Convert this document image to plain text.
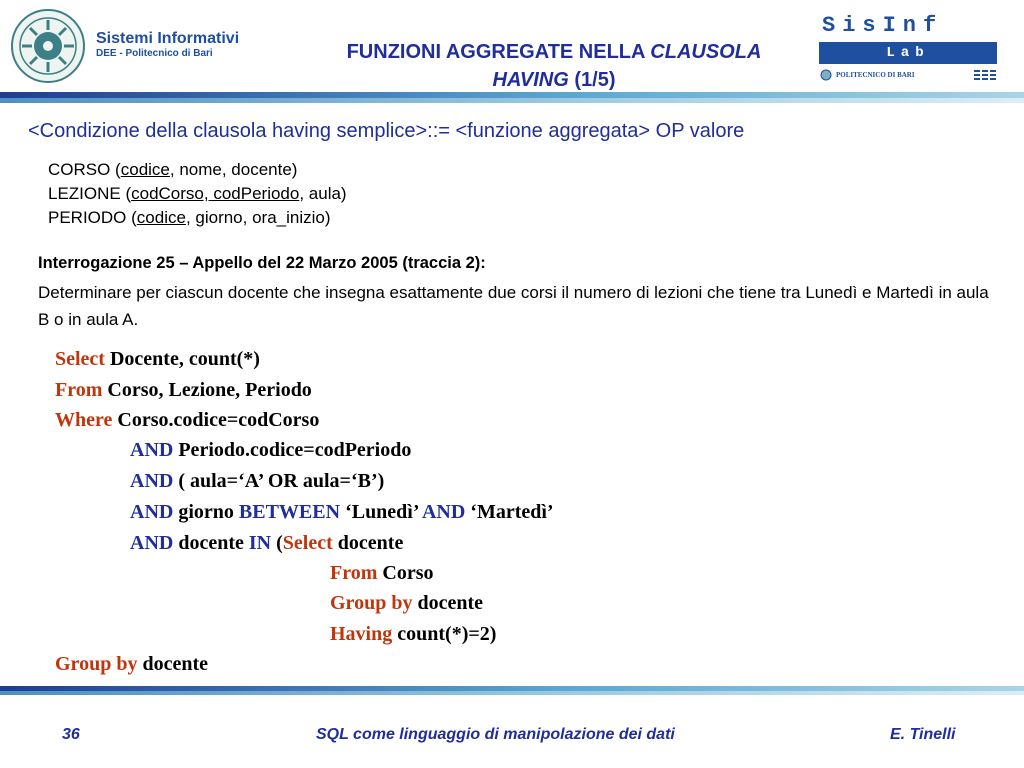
Sistemi Informativi
DEE - Politecnico di Bari	FUNZIONI AGGREGATE NELLA CLAUSOLA
HAVING (1/5)
SisInf
Lab
POLITECNICO DI BARI
<Condizione della clausola having semplice>::= <funzione aggregata> OP valore
CORSO (codice, nome, docente)
LEZIONE (codCorso, codPeriodo, aula)
PERIODO (codice, giorno, ora_inizio)
Interrogazione 25 – Appello del 22 Marzo 2005 (traccia 2):
Determinare per ciascun docente che insegna esattamente due corsi il numero di lezioni che tiene tra Lunedì e Martedì in aula B o in aula A.
Select Docente, count(*)
From Corso, Lezione, Periodo
Where Corso.codice=codCorso
AND Periodo.codice=codPeriodo
AND ( aula=‘A’ OR aula=‘B’)
AND giorno BETWEEN ‘Lunedì’ AND ‘Martedì’
AND docente IN (Select docente
From Corso
Group by docente
Having count(*)=2)
Group by docente
36	SQL come linguaggio di manipolazione dei dati	E. Tinelli
